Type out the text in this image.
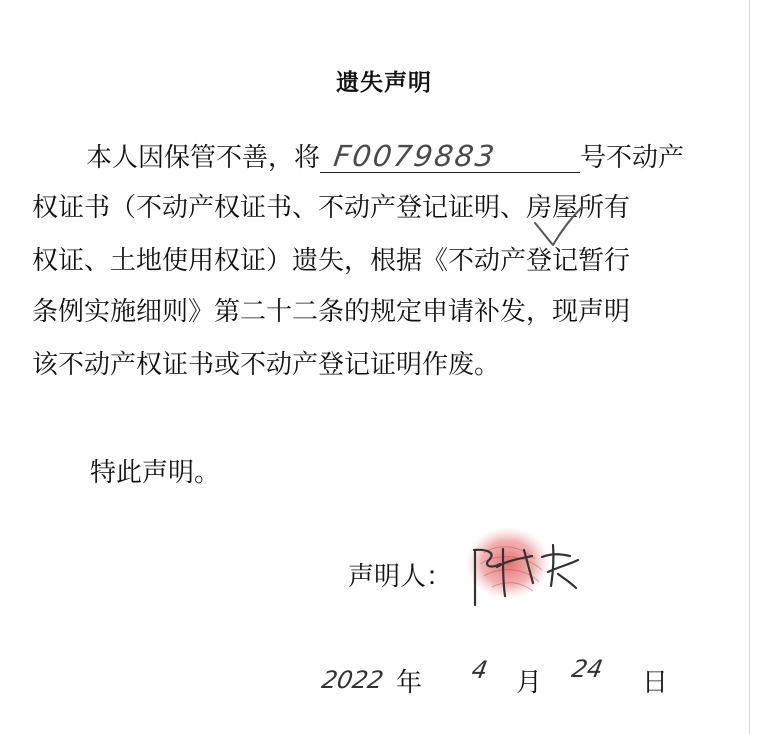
遗失声明
本人因保管不善，将 F0079883	号不动产
权证书（不动产权证书、不动产登记证明、房屋所有
权证、土地使用权证）遗失，根据《不动产登记暂行
条例实施细则》第二十二条的规定申请补发，现声明
该不动产权证书或不动产登记证明作废。
特此声明。
声明人：
2022 年 4 月 24 日
